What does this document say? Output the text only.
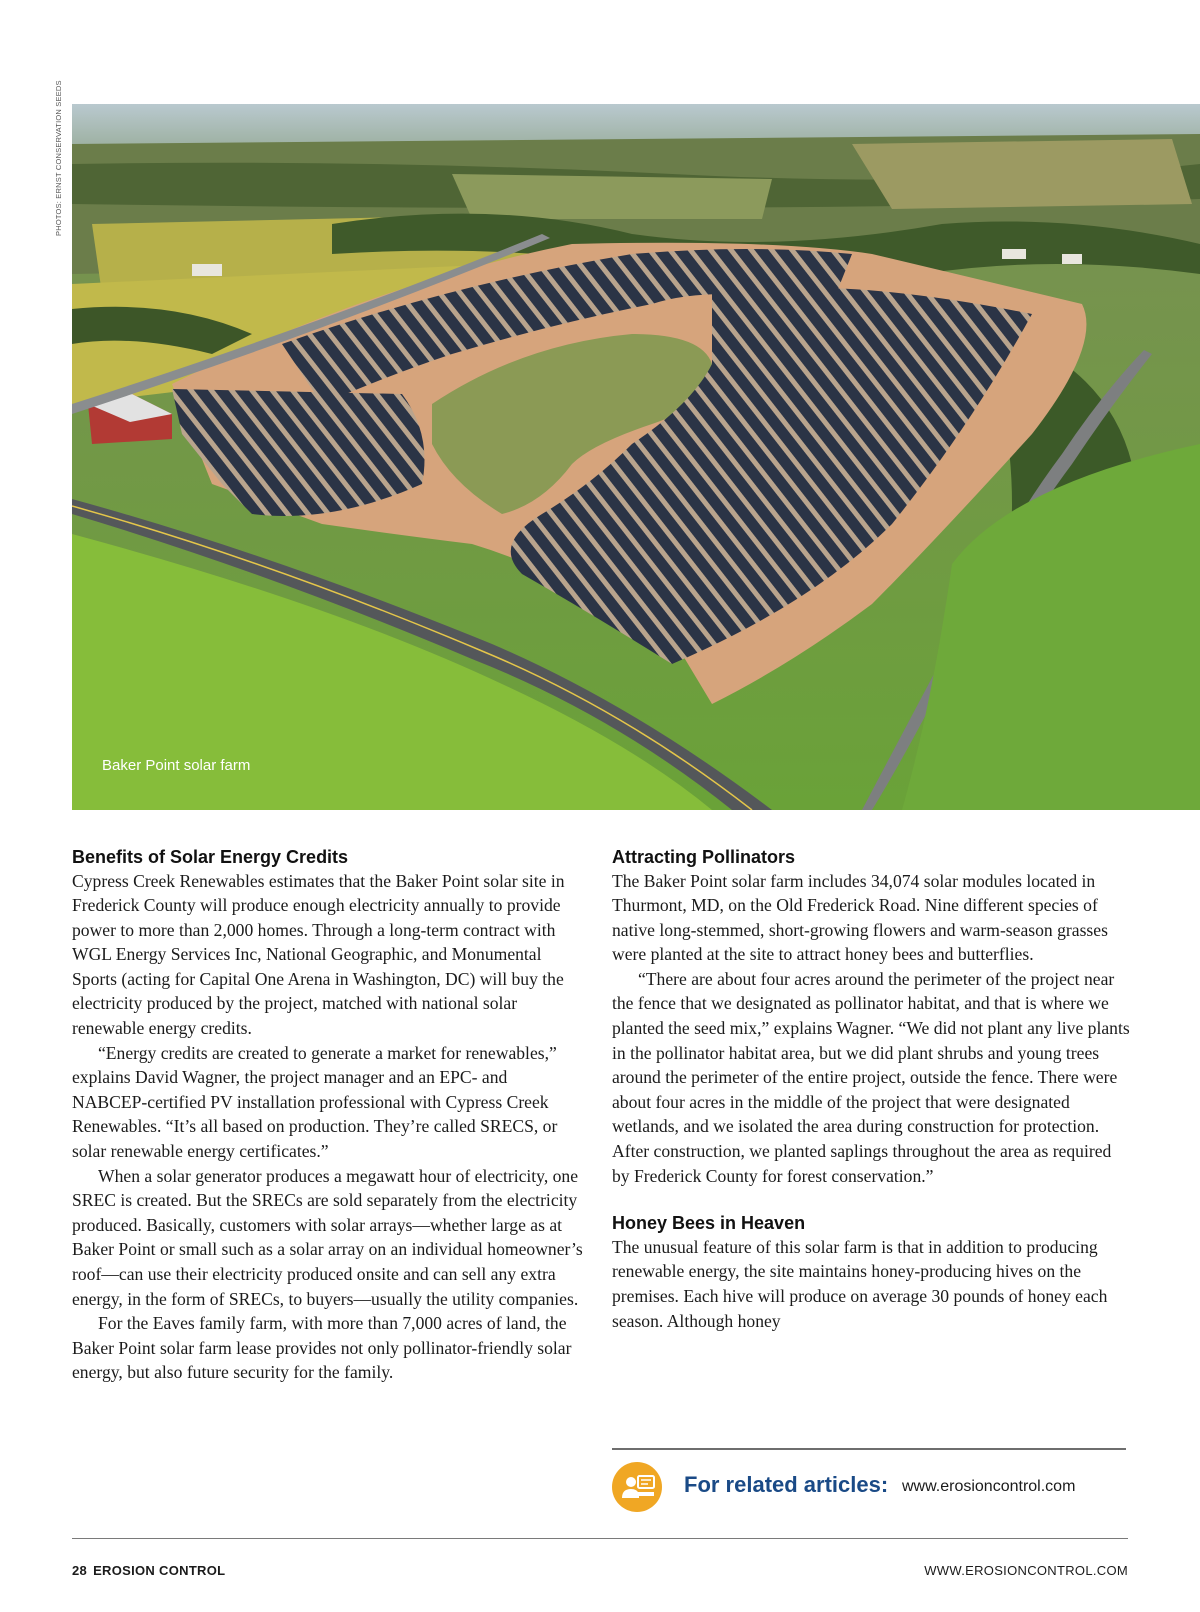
PHOTOS: ERNST CONSERVATION SEEDS
Baker Point solar farm
Benefits of Solar Energy Credits

Cypress Creek Renewables estimates that the Baker Point solar site in Frederick County will produce enough electricity annually to provide power to more than 2,000 homes. Through a long-term contract with WGL Energy Services Inc, National Geographic, and Monumental Sports (acting for Capital One Arena in Washington, DC) will buy the electricity produced by the project, matched with national solar renewable energy credits.

“Energy credits are created to generate a market for renewables,” explains David Wagner, the project manager and an EPC- and NABCEP-certified PV installation professional with Cypress Creek Renewables. “It’s all based on production. They’re called SRECS, or solar renewable energy certificates.”

When a solar generator produces a megawatt hour of electricity, one SREC is created. But the SRECs are sold separately from the electricity produced. Basically, customers with solar arrays—whether large as at Baker Point or small such as a solar array on an individual homeowner’s roof—can use their electricity produced onsite and can sell any extra energy, in the form of SRECs, to buyers—usually the utility companies.

For the Eaves family farm, with more than 7,000 acres of land, the Baker Point solar farm lease provides not only pollinator-friendly solar energy, but also future security for the family.

Attracting Pollinators

The Baker Point solar farm includes 34,074 solar modules located in Thurmont, MD, on the Old Frederick Road. Nine different species of native long-stemmed, short-growing flowers and warm-season grasses were planted at the site to attract honey bees and butterflies.

“There are about four acres around the perimeter of the project near the fence that we designated as pollinator habitat, and that is where we planted the seed mix,” explains Wagner. “We did not plant any live plants in the pollinator habitat area, but we did plant shrubs and young trees around the perimeter of the entire project, outside the fence. There were about four acres in the middle of the project that were designated wetlands, and we isolated the area during construction for protection. After construction, we planted saplings throughout the area as required by Frederick County for forest conservation.”

Honey Bees in Heaven

The unusual feature of this solar farm is that in addition to producing renewable energy, the site maintains honey-producing hives on the premises. Each hive will produce on average 30 pounds of honey each season. Although honey

For related articles: www.erosioncontrol.com
28 EROSION CONTROL	WWW.EROSIONCONTROL.COM
